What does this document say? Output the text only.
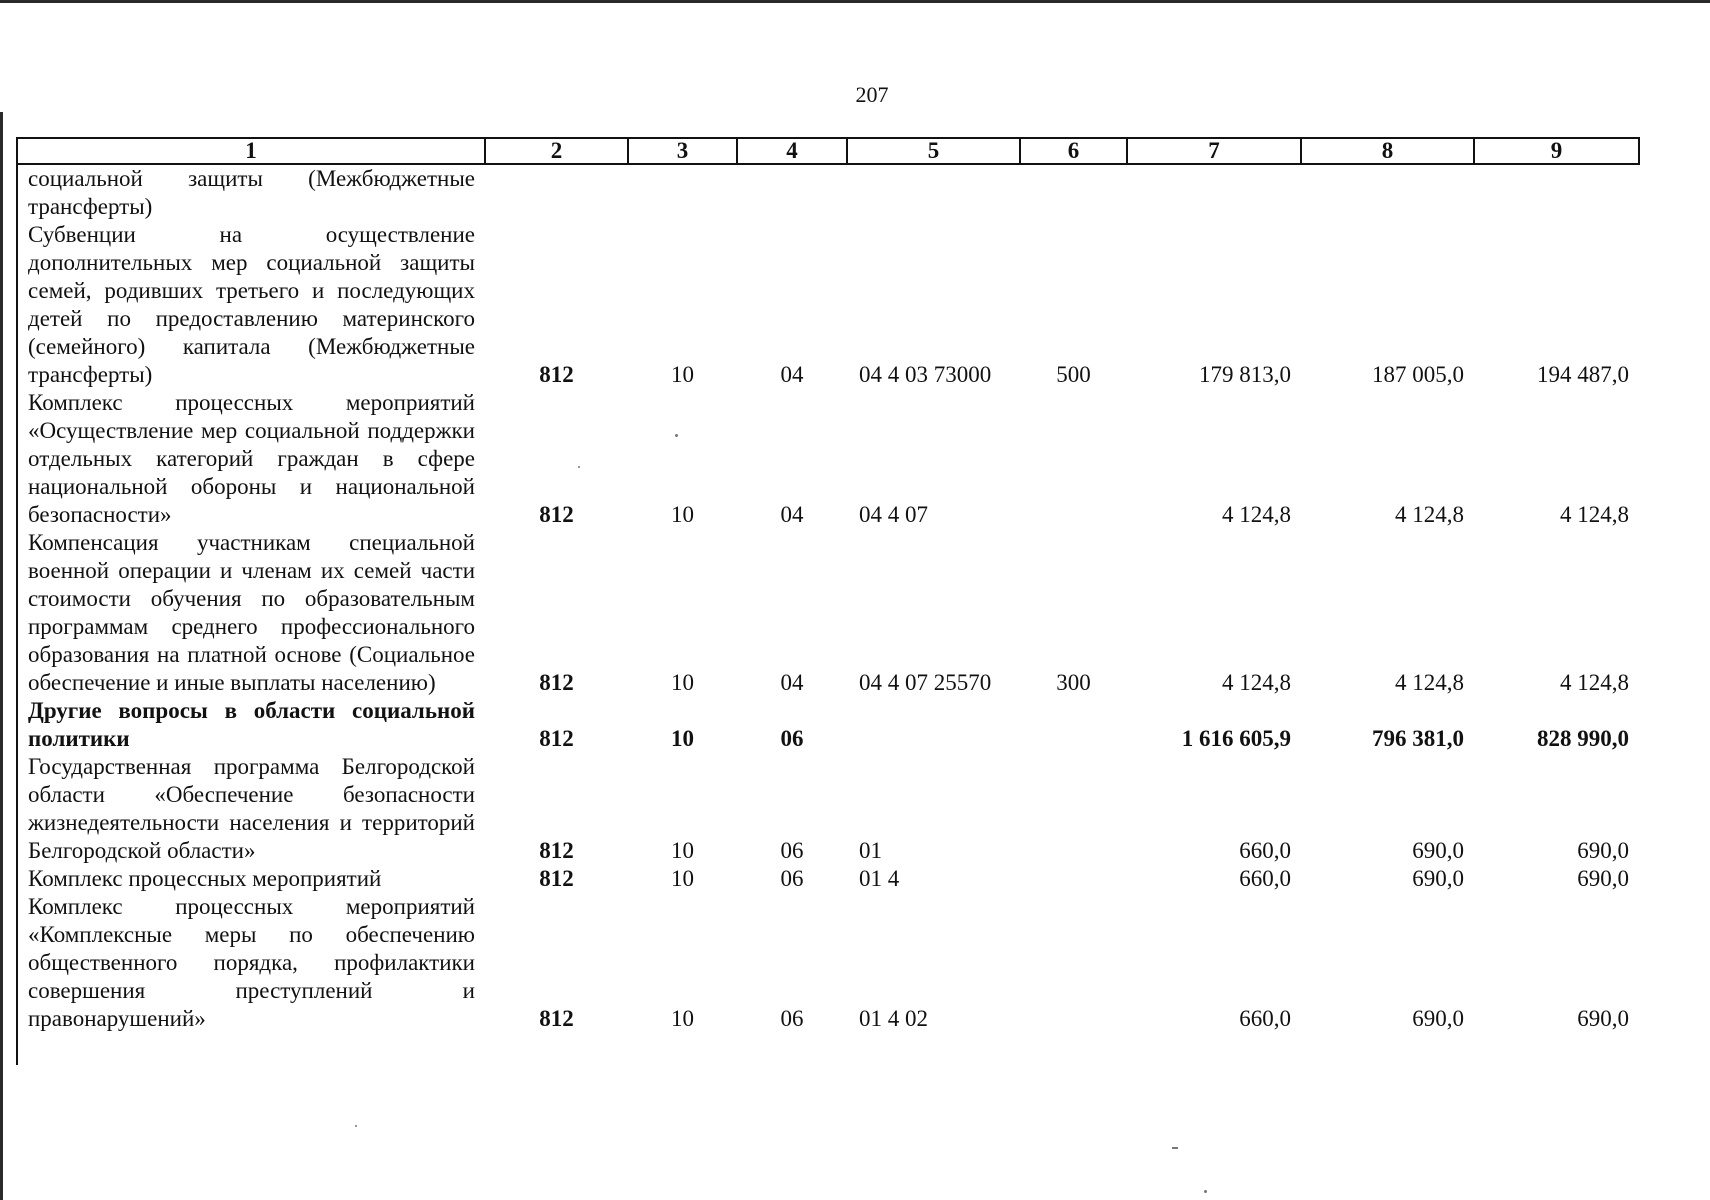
207
1	2	3	4	5	6	7	8	9
социальной защиты (Межбюджетные трансферты)								
Субвенции на осуществление дополнительных мер социальной защиты семей, родивших третьего и последующих детей по предоставлению материнского (семейного) капитала (Межбюджетные трансферты)	812	10	04	04 4 03 73000	500	179 813,0	187 005,0	194 487,0
Комплекс процессных мероприятий «Осуществление мер социальной поддержки отдельных категорий граждан в сфере национальной обороны и национальной безопасности»	812	10	04	04 4 07		4 124,8	4 124,8	4 124,8
Компенсация участникам специальной военной операции и членам их семей части стоимости обучения по образовательным программам среднего профессионального образования на платной основе (Социальное обеспечение и иные выплаты населению)	812	10	04	04 4 07 25570	300	4 124,8	4 124,8	4 124,8
Другие вопросы в области социальной политики	812	10	06			1 616 605,9	796 381,0	828 990,0
Государственная программа Белгородской области «Обеспечение безопасности жизнедеятельности населения и территорий Белгородской области»	812	10	06	01		660,0	690,0	690,0
Комплекс процессных мероприятий	812	10	06	01 4		660,0	690,0	690,0
Комплекс процессных мероприятий «Комплексные меры по обеспечению общественного порядка, профилактики совершения преступлений и правонарушений»	812	10	06	01 4 02		660,0	690,0	690,0
